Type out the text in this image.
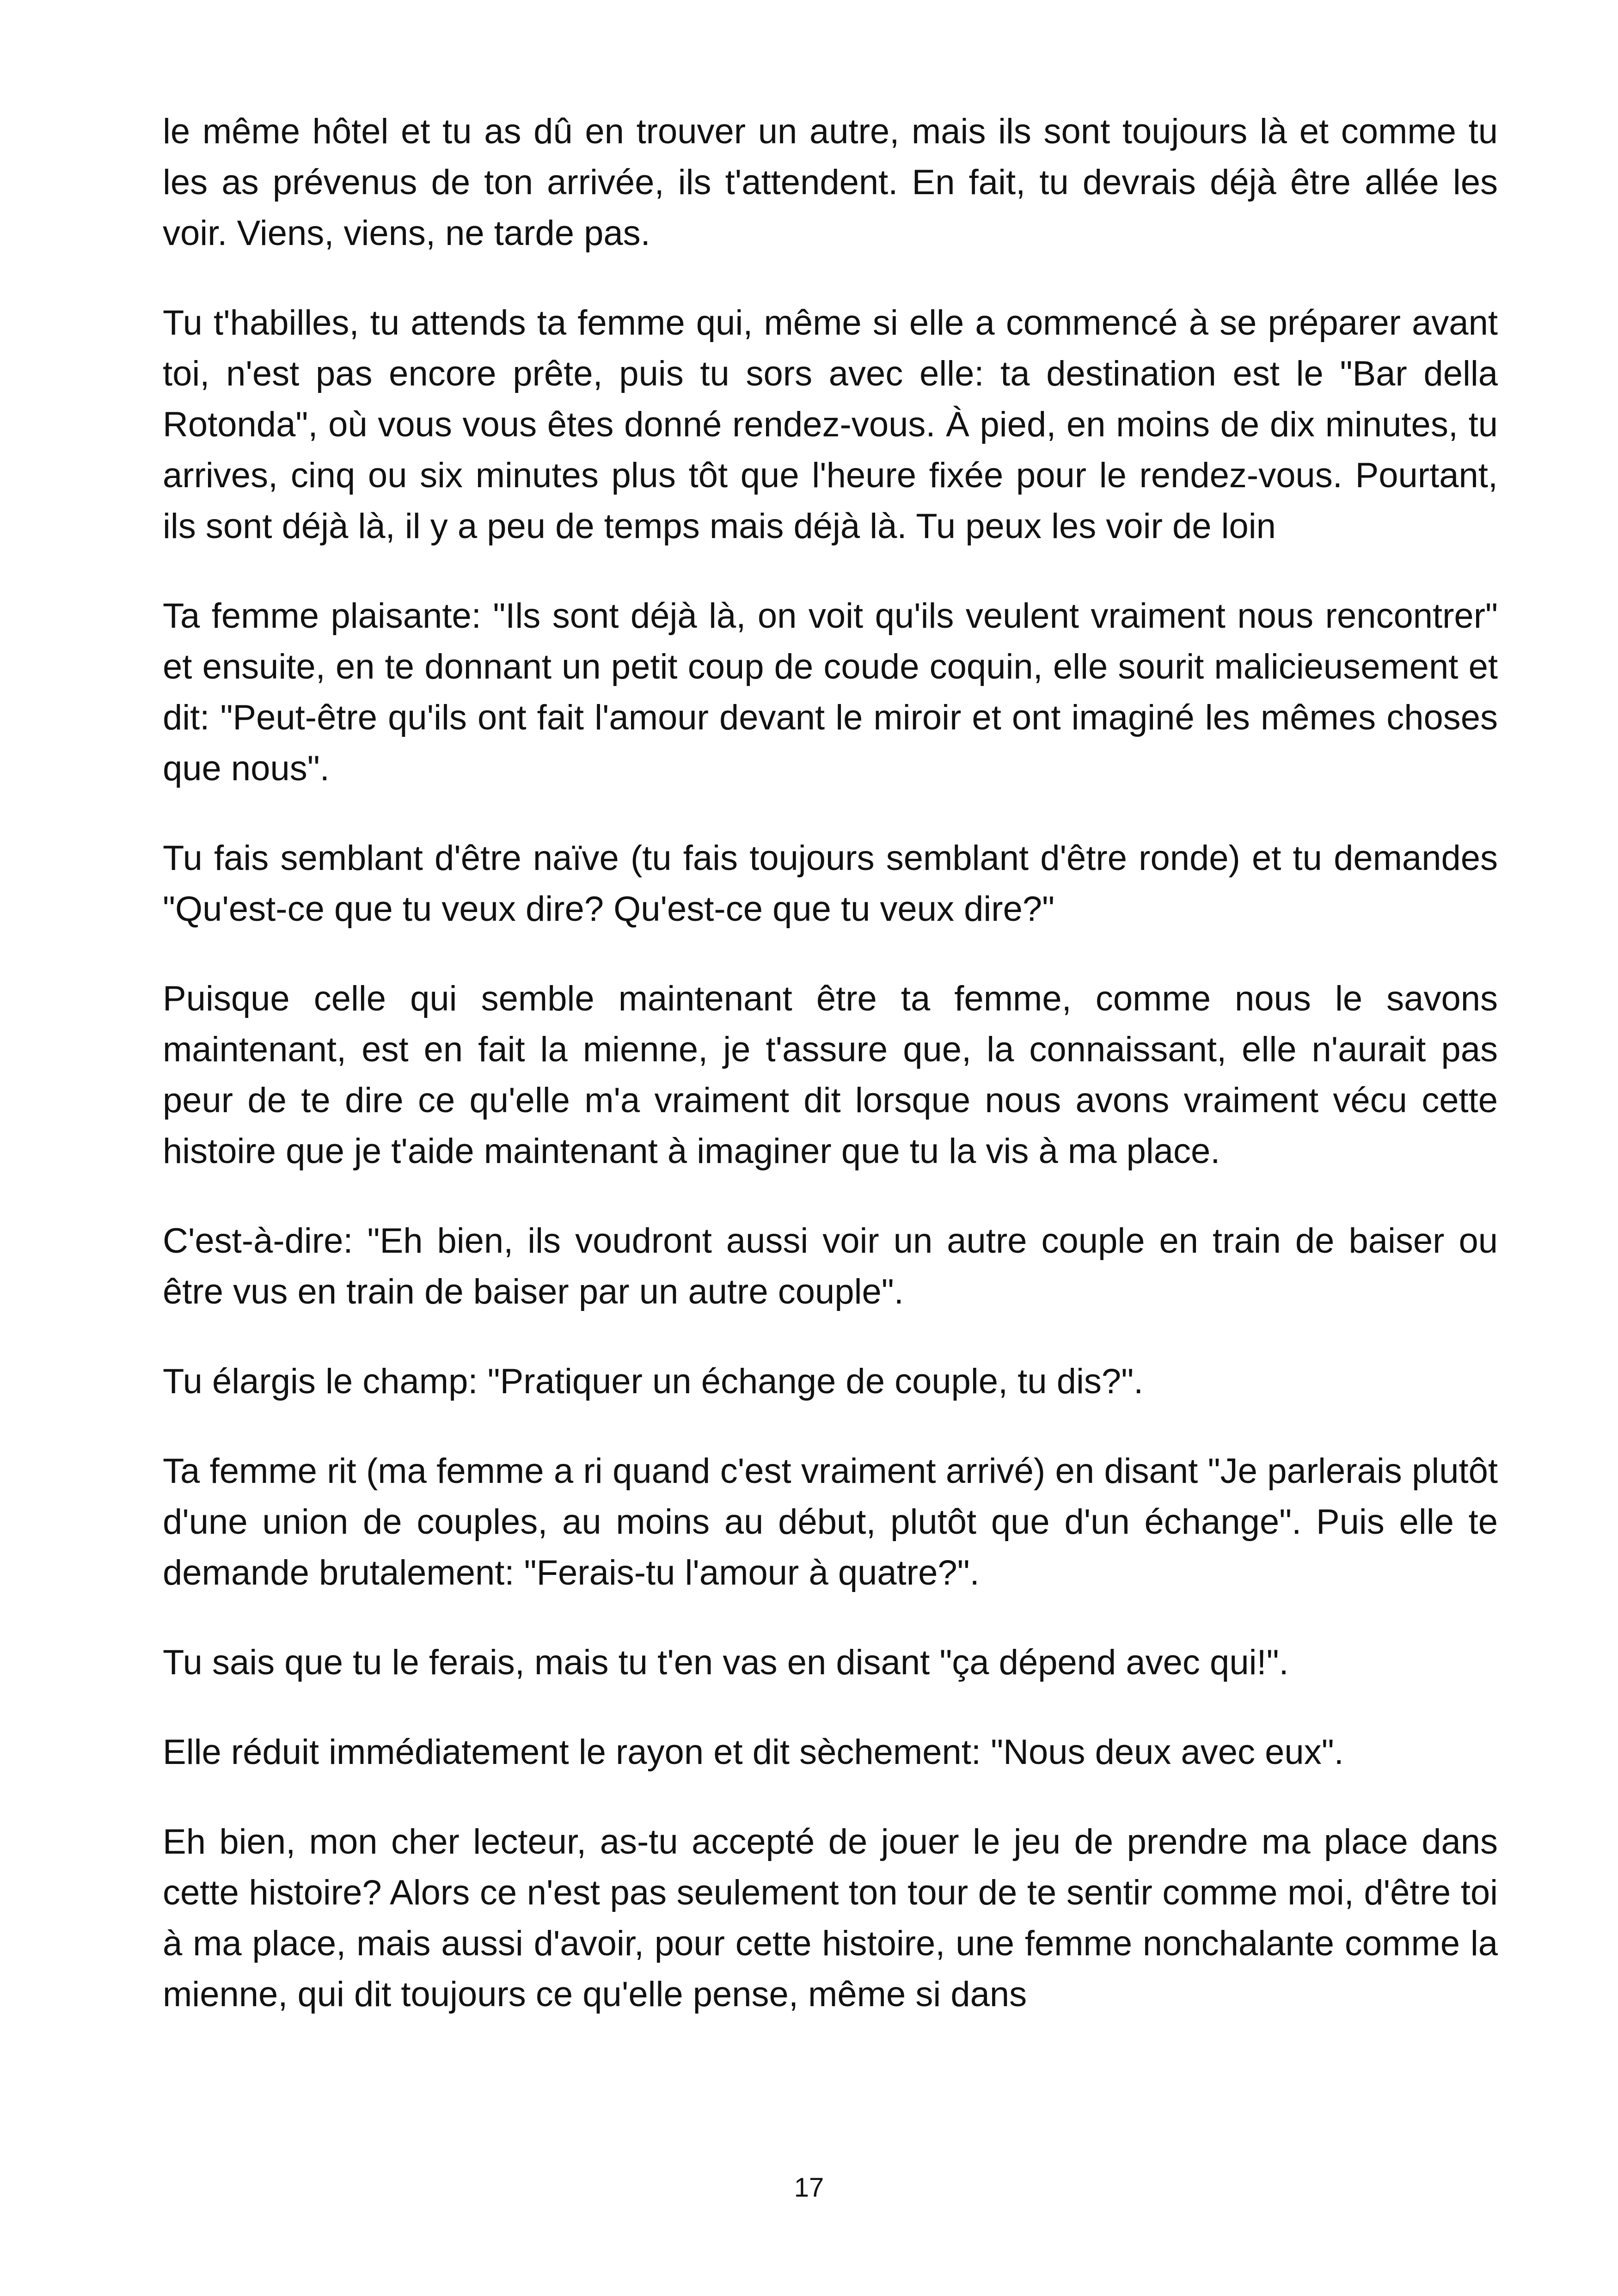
le même hôtel et tu as dû en trouver un autre, mais ils sont toujours là et comme tu les as prévenus de ton arrivée, ils t'attendent. En fait, tu devrais déjà être allée les voir. Viens, viens, ne tarde pas.

Tu t'habilles, tu attends ta femme qui, même si elle a commencé à se préparer avant toi, n'est pas encore prête, puis tu sors avec elle: ta destination est le "Bar della Rotonda", où vous vous êtes donné rendez-vous. À pied, en moins de dix minutes, tu arrives, cinq ou six minutes plus tôt que l'heure fixée pour le rendez-vous. Pourtant, ils sont déjà là, il y a peu de temps mais déjà là. Tu peux les voir de loin

Ta femme plaisante: "Ils sont déjà là, on voit qu'ils veulent vraiment nous rencontrer" et ensuite, en te donnant un petit coup de coude coquin, elle sourit malicieusement et dit: "Peut-être qu'ils ont fait l'amour devant le miroir et ont imaginé les mêmes choses que nous".

Tu fais semblant d'être naïve (tu fais toujours semblant d'être ronde) et tu demandes "Qu'est-ce que tu veux dire? Qu'est-ce que tu veux dire?"

Puisque celle qui semble maintenant être ta femme, comme nous le savons maintenant, est en fait la mienne, je t'assure que, la connaissant, elle n'aurait pas peur de te dire ce qu'elle m'a vraiment dit lorsque nous avons vraiment vécu cette histoire que je t'aide maintenant à imaginer que tu la vis à ma place.

C'est-à-dire: "Eh bien, ils voudront aussi voir un autre couple en train de baiser ou être vus en train de baiser par un autre couple".

Tu élargis le champ: "Pratiquer un échange de couple, tu dis?".

Ta femme rit (ma femme a ri quand c'est vraiment arrivé) en disant "Je parlerais plutôt d'une union de couples, au moins au début, plutôt que d'un échange". Puis elle te demande brutalement: "Ferais-tu l'amour à quatre?".

Tu sais que tu le ferais, mais tu t'en vas en disant "ça dépend avec qui!".

Elle réduit immédiatement le rayon et dit sèchement: "Nous deux avec eux".

Eh bien, mon cher lecteur, as-tu accepté de jouer le jeu de prendre ma place dans cette histoire? Alors ce n'est pas seulement ton tour de te sentir comme moi, d'être toi à ma place, mais aussi d'avoir, pour cette histoire, une femme nonchalante comme la mienne, qui dit toujours ce qu'elle pense, même si dans

17
